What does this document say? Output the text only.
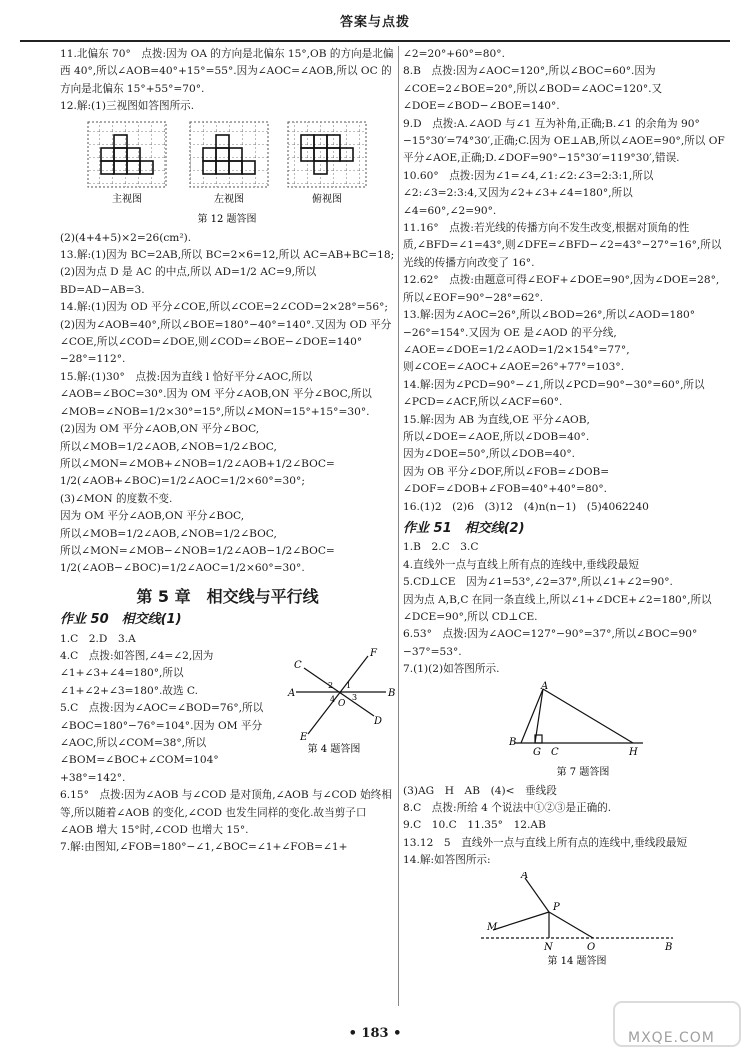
答案与点拨

11.北偏东 70°　点拨:因为 OA 的方向是北偏东 15°,OB 的方向是北偏西 40°,所以∠AOB=40°+15°=55°.因为∠AOC=∠AOB,所以 OC 的方向是北偏东 15°+55°=70°.

12.解:(1)三视图如答图所示.

主视图	左视图	俯视图
第 12 题答图

(2)(4+4+5)×2=26(cm²).

13.解:(1)因为 BC=2AB,所以 BC=2×6=12,所以 AC=AB+BC=18;

(2)因为点 D 是 AC 的中点,所以 AD=1/2 AC=9,所以 BD=AD−AB=3.

14.解:(1)因为 OD 平分∠COE,所以∠COE=2∠COD=2×28°=56°;

(2)因为∠AOB=40°,所以∠BOE=180°−40°=140°.又因为 OD 平分∠COE,所以∠COD=∠DOE,则∠COD=∠BOE−∠DOE=140°−28°=112°.

15.解:(1)30°　点拨:因为直线 l 恰好平分∠AOC,所以∠AOB=∠BOC=30°.因为 OM 平分∠AOB,ON 平分∠BOC,所以∠MOB=∠NOB=1/2×30°=15°,所以∠MON=15°+15°=30°.

(2)因为 OM 平分∠AOB,ON 平分∠BOC,

所以∠MOB=1/2∠AOB,∠NOB=1/2∠BOC,

所以∠MON=∠MOB+∠NOB=1/2∠AOB+1/2∠BOC=

1/2(∠AOB+∠BOC)=1/2∠AOC=1/2×60°=30°;

(3)∠MON 的度数不变.

因为 OM 平分∠AOB,ON 平分∠BOC,

所以∠MOB=1/2∠AOB,∠NOB=1/2∠BOC,

所以∠MON=∠MOB−∠NOB=1/2∠AOB−1/2∠BOC=

1/2(∠AOB−∠BOC)=1/2∠AOC=1/2×60°=30°.

第 5 章　相交线与平行线
作业 50　相交线(1)

1.C　2.D　3.A

4.C　点拨:如答图,∠4=∠2,因为∠1+∠3+∠4=180°,所以∠1+∠2+∠3=180°.故选 C.

5.C　点拨:因为∠AOC=∠BOD=76°,所以∠BOC=180°−76°=104°.因为 OM 平分∠AOC,所以∠COM=38°,所以∠BOM=∠BOC+∠COM=104°+38°=142°.

A	B
C
D
E
F
O
1
2
3
4
第 4 题答图

6.15°　点拨:因为∠AOB 与∠COD 是对顶角,∠AOB 与∠COD 始终相等,所以随着∠AOB 的变化,∠COD 也发生同样的变化.故当剪子口∠AOB 增大 15°时,∠COD 也增大 15°.

7.解:由图知,∠FOB=180°−∠1,∠BOC=∠1+∠FOB=∠1+

∠2=20°+60°=80°.

8.B　点拨:因为∠AOC=120°,所以∠BOC=60°.因为∠COE=2∠BOE=20°,所以∠BOD=∠AOC=120°.又∠DOE=∠BOD−∠BOE=140°.

9.D　点拨:A.∠AOD 与∠1 互为补角,正确;B.∠1 的余角为 90°−15°30′=74°30′,正确;C.因为 OE⊥AB,所以∠AOE=90°,所以 OF 平分∠AOE,正确;D.∠DOF=90°−15°30′=119°30′,错误.

10.60°　点拨:因为∠1=∠4,∠1:∠2:∠3=2:3:1,所以∠2:∠3=2:3:4,又因为∠2+∠3+∠4=180°,所以∠4=60°,∠2=90°.

11.16°　点拨:若光线的传播方向不发生改变,根据对顶角的性质,∠BFD=∠1=43°,则∠DFE=∠BFD−∠2=43°−27°=16°,所以光线的传播方向改变了 16°.

12.62°　点拨:由题意可得∠EOF+∠DOE=90°,因为∠DOE=28°,所以∠EOF=90°−28°=62°.

13.解:因为∠AOC=26°,所以∠BOD=26°,所以∠AOD=180°−26°=154°.又因为 OE 是∠AOD 的平分线,

∠AOE=∠DOE=1/2∠AOD=1/2×154°=77°,

则∠COE=∠AOC+∠AOE=26°+77°=103°.

14.解:因为∠PCD=90°−∠1,所以∠PCD=90°−30°=60°,所以∠PCD=∠ACF,所以∠ACF=60°.

15.解:因为 AB 为直线,OE 平分∠AOB,

所以∠DOE=∠AOE,所以∠DOB=40°.

因为∠DOE=50°,所以∠DOB=40°.

因为 OB 平分∠DOF,所以∠FOB=∠DOB=

∠DOF=∠DOB+∠FOB=40°+40°=80°.

16.(1)2　(2)6　(3)12　(4)n(n−1)　(5)4062240

作业 51　相交线(2)

1.B　2.C　3.C

4.直线外一点与直线上所有点的连线中,垂线段最短

5.CD⊥CE　因为∠1=53°,∠2=37°,所以∠1+∠2=90°.

因为点 A,B,C 在同一条直线上,所以∠1+∠DCE+∠2=180°,所以∠DCE=90°,所以 CD⊥CE.

6.53°　点拨:因为∠AOC=127°−90°=37°,所以∠BOC=90°−37°=53°.

7.(1)(2)如答图所示.

A
B
G C	H
第 7 题答图

(3)AG　H　AB　(4)<　垂线段

8.C　点拨:所给 4 个说法中①②③是正确的.

9.C　10.C　11.35°　12.AB

13.12　5　直线外一点与直线上所有点的连线中,垂线段最短

14.解:如答图所示:

A
P
M
N	O	B
第 14 题答图
• 183 •	MXQE.COM
